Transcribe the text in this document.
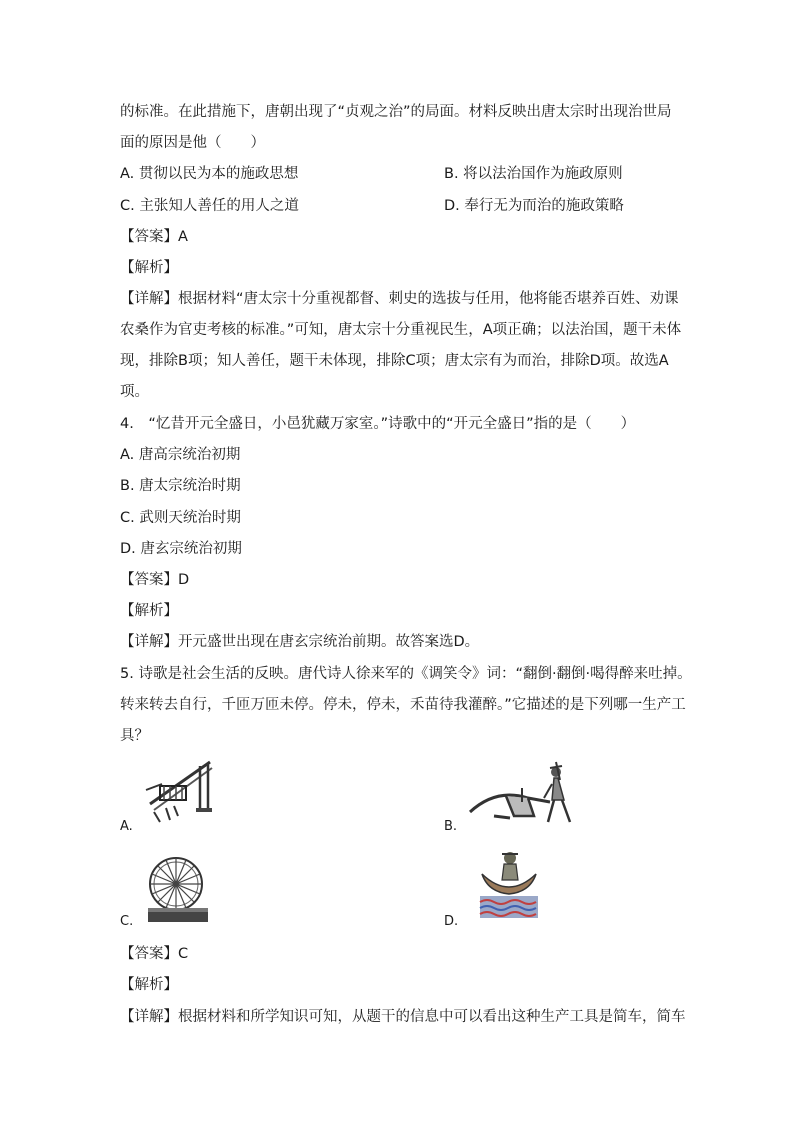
的标准。在此措施下，唐朝出现了“贞观之治”的局面。材料反映出唐太宗时出现治世局
面的原因是他（　　）
A. 贯彻以民为本的施政思想	B. 将以法治国作为施政原则
C. 主张知人善任的用人之道	D. 奉行无为而治的施政策略
【答案】A
【解析】
【详解】根据材料“唐太宗十分重视都督、刺史的选拔与任用，他将能否堪养百姓、劝课
农桑作为官吏考核的标准。”可知，唐太宗十分重视民生，A项正确；以法治国，题干未体
现，排除B项；知人善任，题干未体现，排除C项；唐太宗有为而治，排除D项。故选A
项。
4.　“忆昔开元全盛日，小邑犹藏万家室。”诗歌中的“开元全盛日”指的是（　　）
A. 唐高宗统治初期
B. 唐太宗统治时期
C. 武则天统治时期
D. 唐玄宗统治初期
【答案】D
【解析】
【详解】开元盛世出现在唐玄宗统治前期。故答案选D。
5. 诗歌是社会生活的反映。唐代诗人徐来军的《调笑令》词：“翻倒·翻倒·喝得醉来吐掉。
转来转去自行，千匝万匝未停。停未，停未，禾苗待我灌醉。”它描述的是下列哪一生产工
具？
A.	B.
C.	D.
【答案】C
【解析】
【详解】根据材料和所学知识可知，从题干的信息中可以看出这种生产工具是简车，简车
